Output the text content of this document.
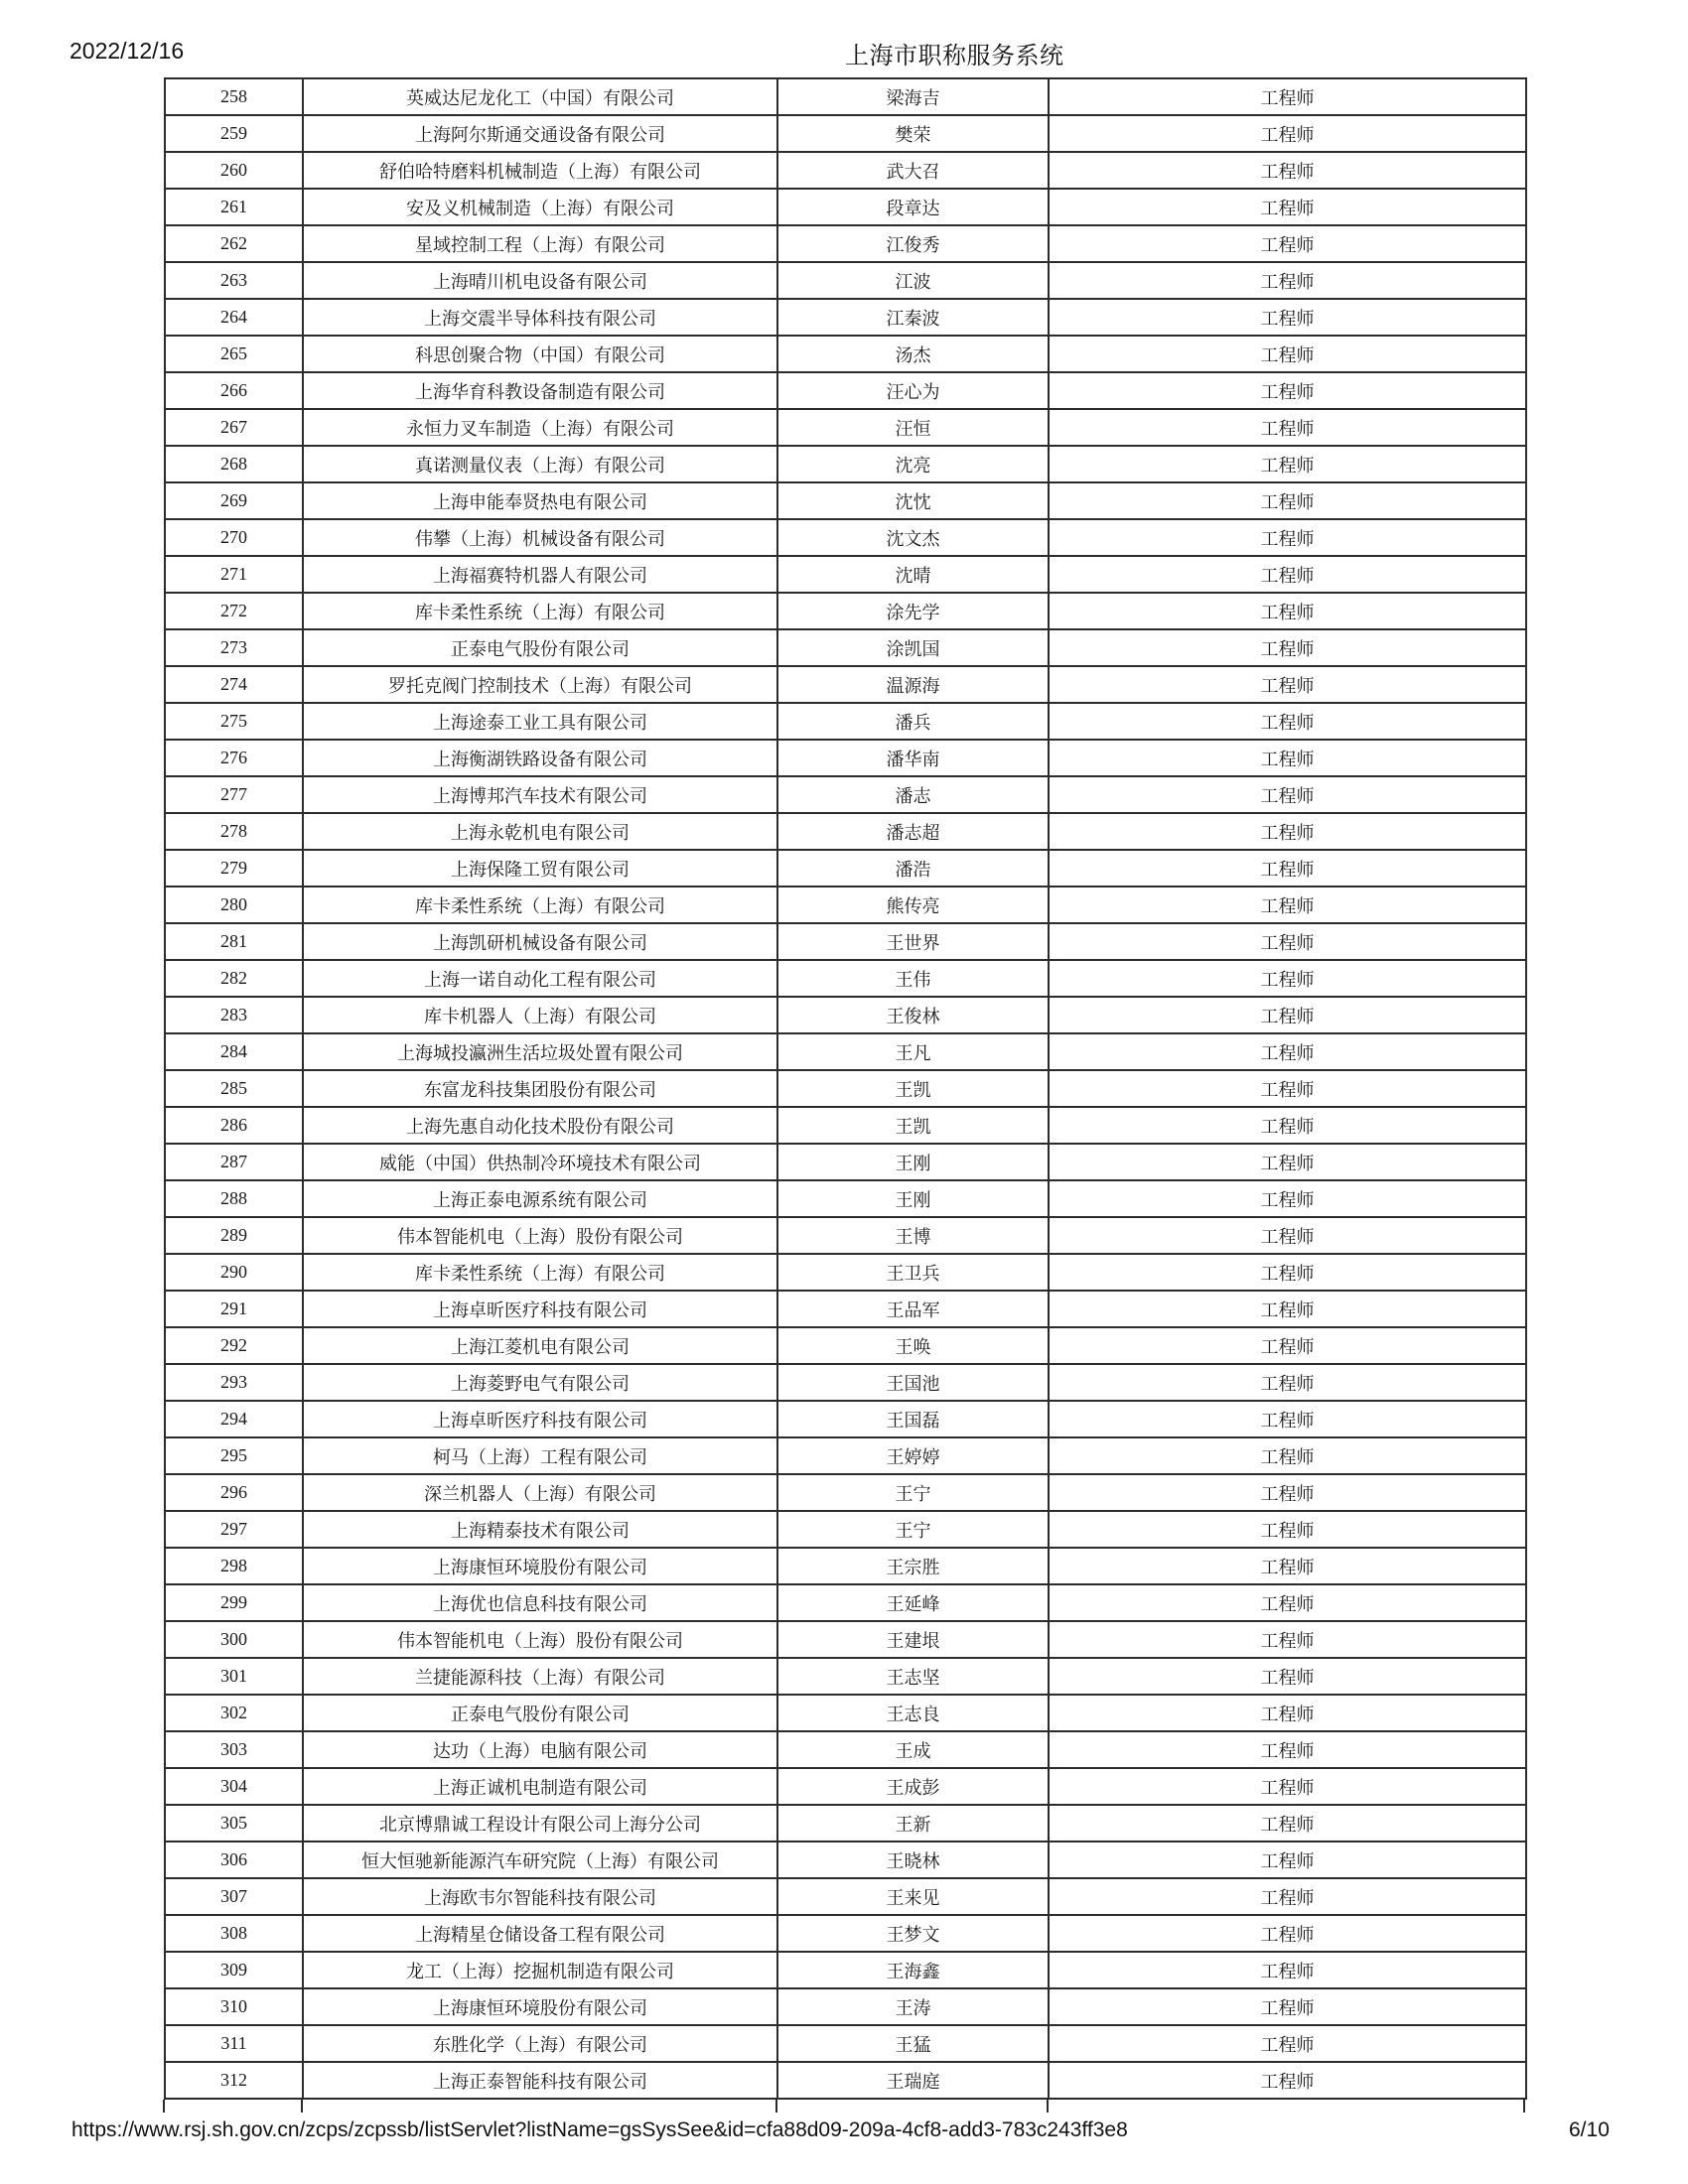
2022/12/16	上海市职称服务系统
258	英威达尼龙化工（中国）有限公司	梁海吉	工程师
259	上海阿尔斯通交通设备有限公司	樊荣	工程师
260	舒伯哈特磨料机械制造（上海）有限公司	武大召	工程师
261	安及义机械制造（上海）有限公司	段章达	工程师
262	星域控制工程（上海）有限公司	江俊秀	工程师
263	上海晴川机电设备有限公司	江波	工程师
264	上海交震半导体科技有限公司	江秦波	工程师
265	科思创聚合物（中国）有限公司	汤杰	工程师
266	上海华育科教设备制造有限公司	汪心为	工程师
267	永恒力叉车制造（上海）有限公司	汪恒	工程师
268	真诺测量仪表（上海）有限公司	沈亮	工程师
269	上海申能奉贤热电有限公司	沈忱	工程师
270	伟攀（上海）机械设备有限公司	沈文杰	工程师
271	上海福赛特机器人有限公司	沈晴	工程师
272	库卡柔性系统（上海）有限公司	涂先学	工程师
273	正泰电气股份有限公司	涂凯国	工程师
274	罗托克阀门控制技术（上海）有限公司	温源海	工程师
275	上海途泰工业工具有限公司	潘兵	工程师
276	上海衡湖铁路设备有限公司	潘华南	工程师
277	上海博邦汽车技术有限公司	潘志	工程师
278	上海永乾机电有限公司	潘志超	工程师
279	上海保隆工贸有限公司	潘浩	工程师
280	库卡柔性系统（上海）有限公司	熊传亮	工程师
281	上海凯研机械设备有限公司	王世界	工程师
282	上海一诺自动化工程有限公司	王伟	工程师
283	库卡机器人（上海）有限公司	王俊林	工程师
284	上海城投瀛洲生活垃圾处置有限公司	王凡	工程师
285	东富龙科技集团股份有限公司	王凯	工程师
286	上海先惠自动化技术股份有限公司	王凯	工程师
287	威能（中国）供热制冷环境技术有限公司	王刚	工程师
288	上海正泰电源系统有限公司	王刚	工程师
289	伟本智能机电（上海）股份有限公司	王博	工程师
290	库卡柔性系统（上海）有限公司	王卫兵	工程师
291	上海卓昕医疗科技有限公司	王品军	工程师
292	上海江菱机电有限公司	王唤	工程师
293	上海菱野电气有限公司	王国池	工程师
294	上海卓昕医疗科技有限公司	王国磊	工程师
295	柯马（上海）工程有限公司	王婷婷	工程师
296	深兰机器人（上海）有限公司	王宁	工程师
297	上海精泰技术有限公司	王宁	工程师
298	上海康恒环境股份有限公司	王宗胜	工程师
299	上海优也信息科技有限公司	王延峰	工程师
300	伟本智能机电（上海）股份有限公司	王建垠	工程师
301	兰捷能源科技（上海）有限公司	王志坚	工程师
302	正泰电气股份有限公司	王志良	工程师
303	达功（上海）电脑有限公司	王成	工程师
304	上海正诚机电制造有限公司	王成彭	工程师
305	北京博鼎诚工程设计有限公司上海分公司	王新	工程师
306	恒大恒驰新能源汽车研究院（上海）有限公司	王晓林	工程师
307	上海欧韦尔智能科技有限公司	王来见	工程师
308	上海精星仓储设备工程有限公司	王梦文	工程师
309	龙工（上海）挖掘机制造有限公司	王海鑫	工程师
310	上海康恒环境股份有限公司	王涛	工程师
311	东胜化学（上海）有限公司	王猛	工程师
312	上海正泰智能科技有限公司	王瑞庭	工程师
https://www.rsj.sh.gov.cn/zcps/zcpssb/listServlet?listName=gsSysSee&id=cfa88d09-209a-4cf8-add3-783c243ff3e8	6/10
